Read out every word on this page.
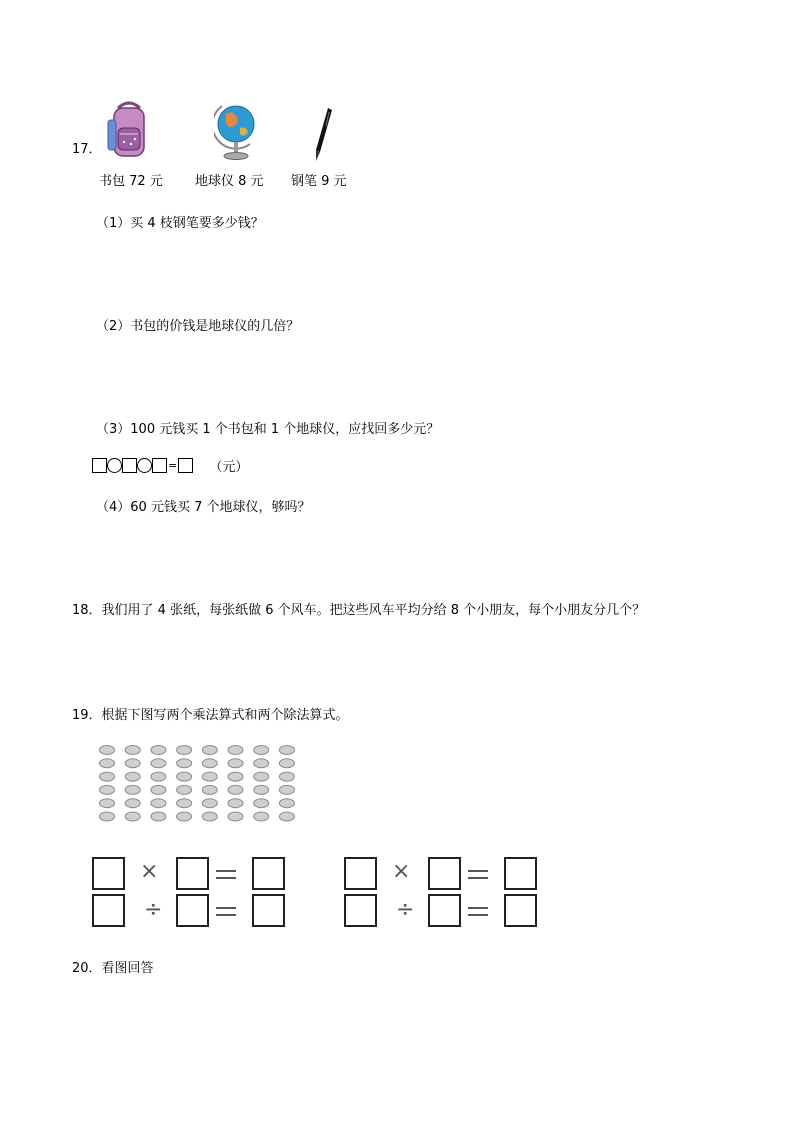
17．
书包 72 元 地球仪 8 元 钢笔 9 元
（1）买 4 枝钢笔要多少钱？
（2）书包的价钱是地球仪的几倍？
（3）100 元钱买 1 个书包和 1 个地球仪，应找回多少元？
= （元）
（4）60 元钱买 7 个地球仪，够吗？
18．我们用了 4 张纸，每张纸做 6 个风车。把这些风车平均分给 8 个小朋友，每个小朋友分几个？
19．根据下图写两个乘法算式和两个除法算式。
×
÷
×
÷
20．看图回答
